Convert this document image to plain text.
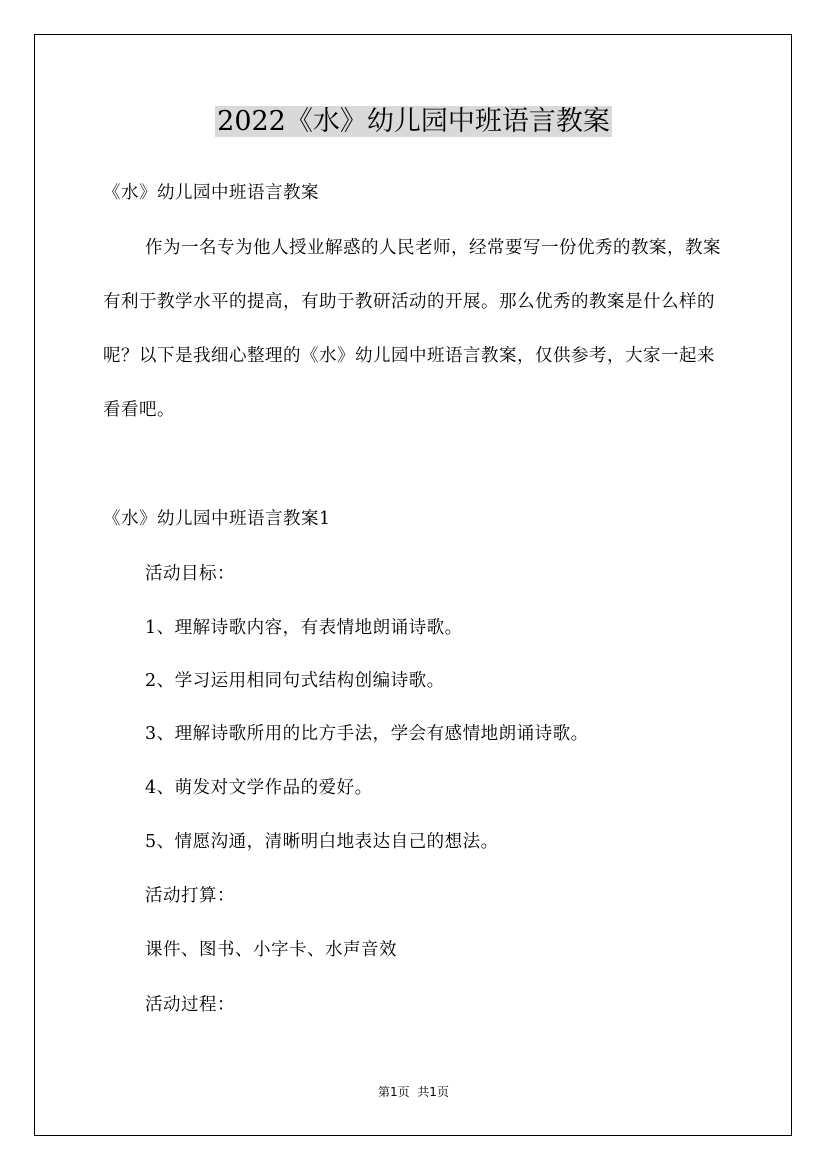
2022《水》幼儿园中班语言教案

《水》幼儿园中班语言教案

作为一名专为他人授业解惑的人民老师，经常要写一份优秀的教案，教案有利于教学水平的提高，有助于教研活动的开展。那么优秀的教案是什么样的呢？以下是我细心整理的《水》幼儿园中班语言教案，仅供参考，大家一起来看看吧。

《水》幼儿园中班语言教案1

活动目标：

1、理解诗歌内容，有表情地朗诵诗歌。

2、学习运用相同句式结构创编诗歌。

3、理解诗歌所用的比方手法，学会有感情地朗诵诗歌。

4、萌发对文学作品的爱好。

5、情愿沟通，清晰明白地表达自己的想法。

活动打算：

课件、图书、小字卡、水声音效

活动过程：

第1页  共1页
